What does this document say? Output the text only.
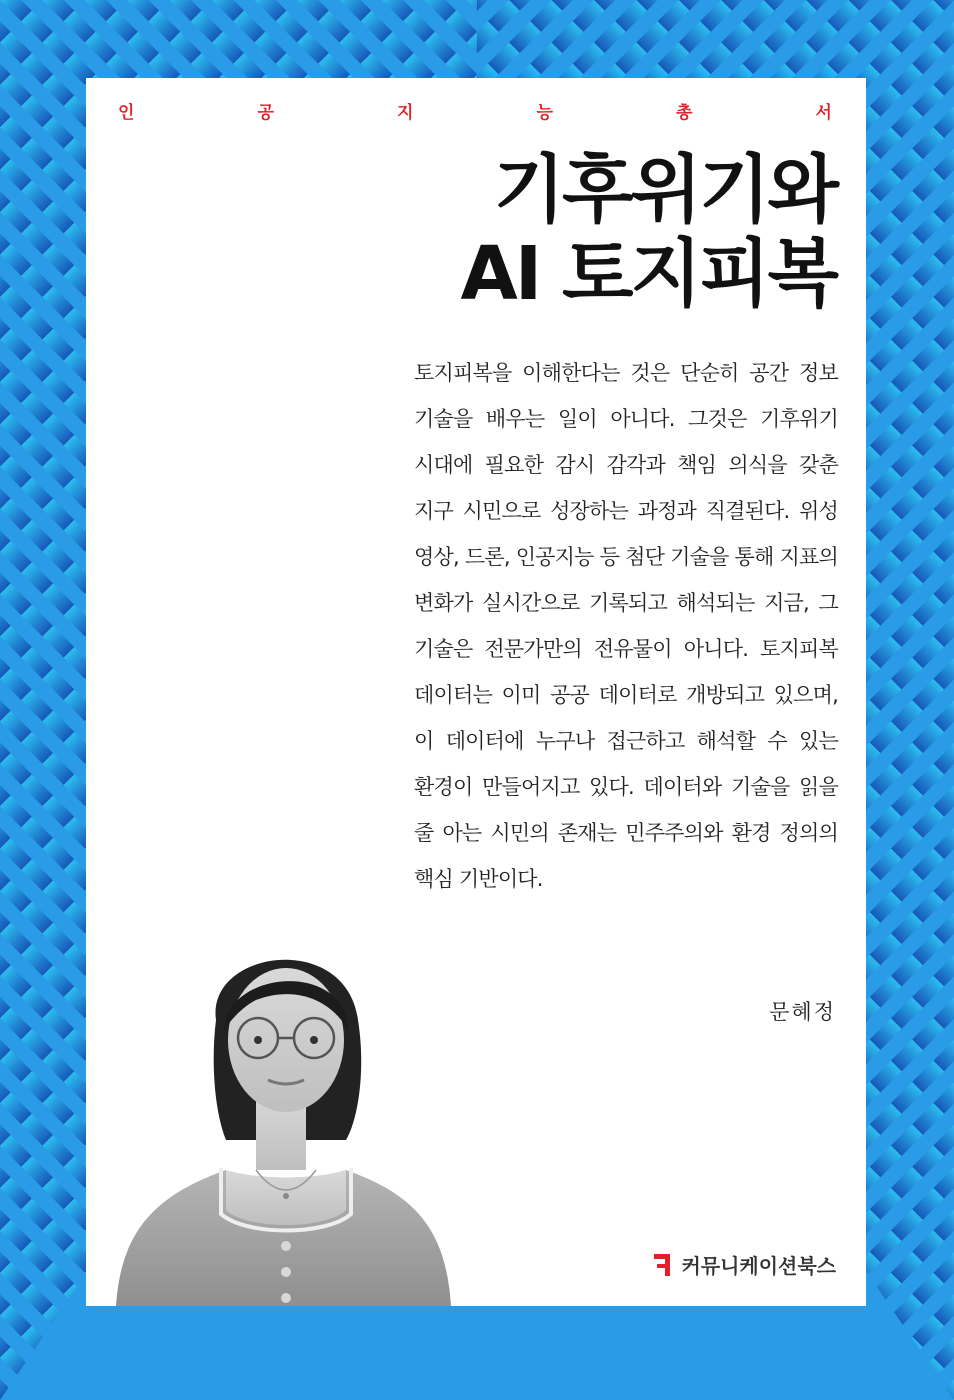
인	공	지	능	총	서
기후위기와
AI 토지피복
토지피복을 이해한다는 것은 단순히 공간 정보 기술을 배우는 일이 아니다. 그것은 기후위기 시대에 필요한 감시 감각과 책임 의식을 갖춘 지구 시민으로 성장하는 과정과 직결된다. 위성 영상, 드론, 인공지능 등 첨단 기술을 통해 지표의 변화가 실시간으로 기록되고 해석되는 지금, 그 기술은 전문가만의 전유물이 아니다. 토지피복 데이터는 이미 공공 데이터로 개방되고 있으며, 이 데이터에 누구나 접근하고 해석할 수 있는 환경이 만들어지고 있다. 데이터와 기술을 읽을 줄 아는 시민의 존재는 민주주의와 환경 정의의 핵심 기반이다.
문혜정
커뮤니케이션북스
